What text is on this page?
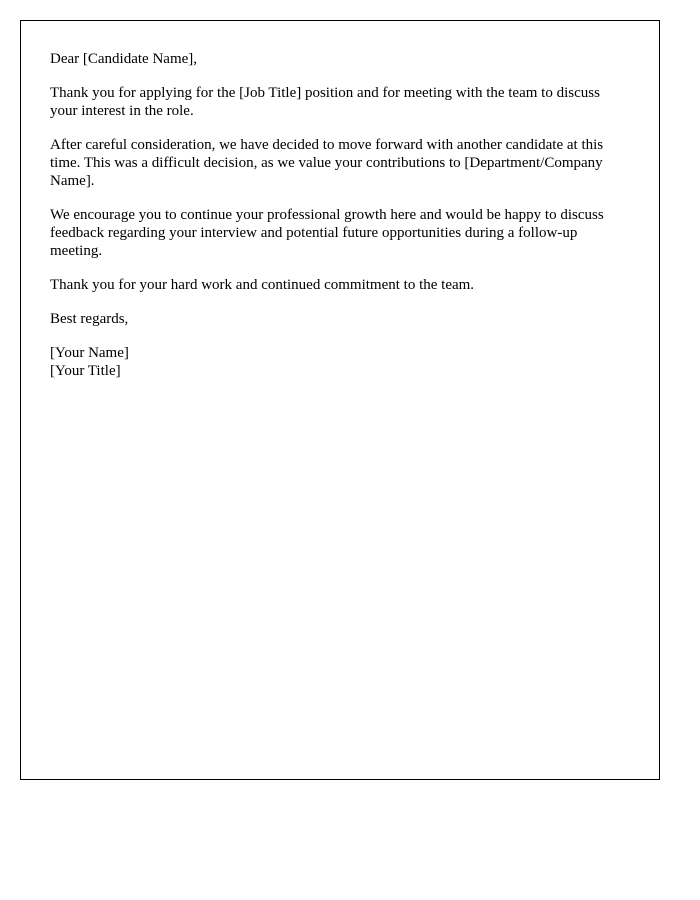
Dear [Candidate Name],

Thank you for applying for the [Job Title] position and for meeting with the team to discuss your interest in the role.

After careful consideration, we have decided to move forward with another candidate at this time. This was a difficult decision, as we value your contributions to [Department/Company Name].

We encourage you to continue your professional growth here and would be happy to discuss feedback regarding your interview and potential future opportunities during a follow-up meeting.

Thank you for your hard work and continued commitment to the team.

Best regards,

[Your Name]
[Your Title]
